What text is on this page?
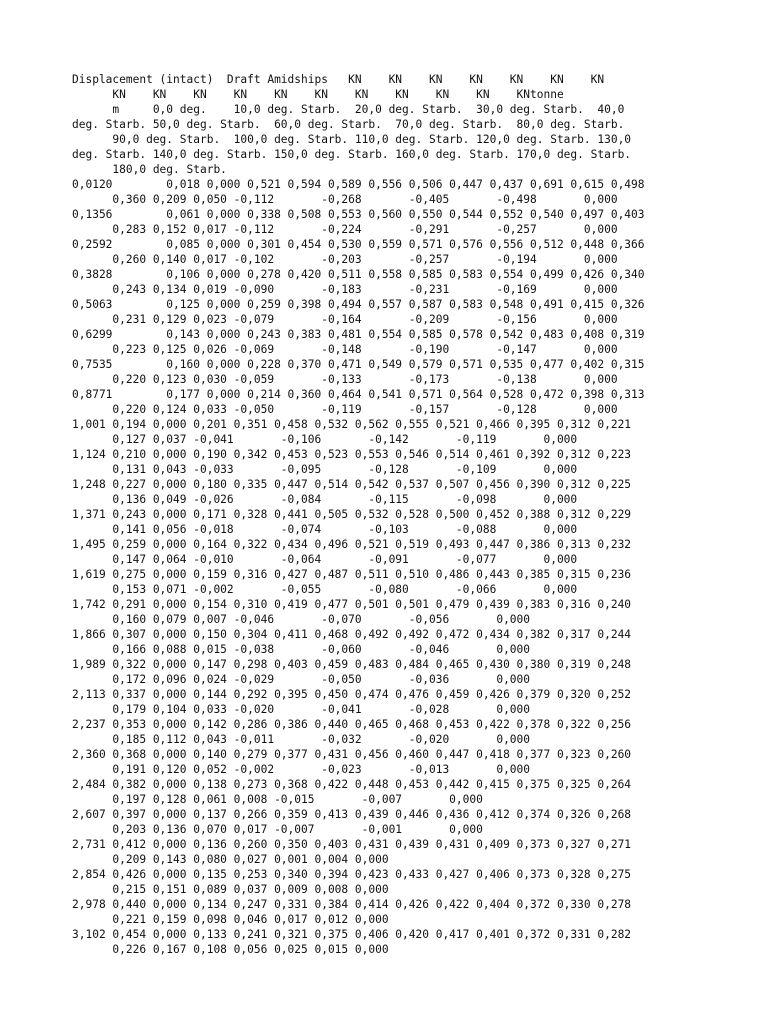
Displacement (intact)  Draft Amidships   KN    KN    KN    KN    KN    KN    KN
KN    KN    KN    KN    KN    KN    KN    KN    KN    KN    KNtonne
m     0,0 deg.    10,0 deg. Starb.  20,0 deg. Starb.  30,0 deg. Starb.  40,0
deg. Starb. 50,0 deg. Starb.  60,0 deg. Starb.  70,0 deg. Starb.  80,0 deg. Starb.
90,0 deg. Starb.  100,0 deg. Starb. 110,0 deg. Starb. 120,0 deg. Starb. 130,0
deg. Starb. 140,0 deg. Starb. 150,0 deg. Starb. 160,0 deg. Starb. 170,0 deg. Starb.
180,0 deg. Starb.
0,0120        0,018 0,000 0,521 0,594 0,589 0,556 0,506 0,447 0,437 0,691 0,615 0,498
0,360 0,209 0,050 -0,112       -0,268       -0,405       -0,498       0,000
0,1356        0,061 0,000 0,338 0,508 0,553 0,560 0,550 0,544 0,552 0,540 0,497 0,403
0,283 0,152 0,017 -0,112       -0,224       -0,291       -0,257       0,000
0,2592        0,085 0,000 0,301 0,454 0,530 0,559 0,571 0,576 0,556 0,512 0,448 0,366
0,260 0,140 0,017 -0,102       -0,203       -0,257       -0,194       0,000
0,3828        0,106 0,000 0,278 0,420 0,511 0,558 0,585 0,583 0,554 0,499 0,426 0,340
0,243 0,134 0,019 -0,090       -0,183       -0,231       -0,169       0,000
0,5063        0,125 0,000 0,259 0,398 0,494 0,557 0,587 0,583 0,548 0,491 0,415 0,326
0,231 0,129 0,023 -0,079       -0,164       -0,209       -0,156       0,000
0,6299        0,143 0,000 0,243 0,383 0,481 0,554 0,585 0,578 0,542 0,483 0,408 0,319
0,223 0,125 0,026 -0,069       -0,148       -0,190       -0,147       0,000
0,7535        0,160 0,000 0,228 0,370 0,471 0,549 0,579 0,571 0,535 0,477 0,402 0,315
0,220 0,123 0,030 -0,059       -0,133       -0,173       -0,138       0,000
0,8771        0,177 0,000 0,214 0,360 0,464 0,541 0,571 0,564 0,528 0,472 0,398 0,313
0,220 0,124 0,033 -0,050       -0,119       -0,157       -0,128       0,000
1,001 0,194 0,000 0,201 0,351 0,458 0,532 0,562 0,555 0,521 0,466 0,395 0,312 0,221
0,127 0,037 -0,041       -0,106       -0,142       -0,119       0,000
1,124 0,210 0,000 0,190 0,342 0,453 0,523 0,553 0,546 0,514 0,461 0,392 0,312 0,223
0,131 0,043 -0,033       -0,095       -0,128       -0,109       0,000
1,248 0,227 0,000 0,180 0,335 0,447 0,514 0,542 0,537 0,507 0,456 0,390 0,312 0,225
0,136 0,049 -0,026       -0,084       -0,115       -0,098       0,000
1,371 0,243 0,000 0,171 0,328 0,441 0,505 0,532 0,528 0,500 0,452 0,388 0,312 0,229
0,141 0,056 -0,018       -0,074       -0,103       -0,088       0,000
1,495 0,259 0,000 0,164 0,322 0,434 0,496 0,521 0,519 0,493 0,447 0,386 0,313 0,232
0,147 0,064 -0,010       -0,064       -0,091       -0,077       0,000
1,619 0,275 0,000 0,159 0,316 0,427 0,487 0,511 0,510 0,486 0,443 0,385 0,315 0,236
0,153 0,071 -0,002       -0,055       -0,080       -0,066       0,000
1,742 0,291 0,000 0,154 0,310 0,419 0,477 0,501 0,501 0,479 0,439 0,383 0,316 0,240
0,160 0,079 0,007 -0,046       -0,070       -0,056       0,000
1,866 0,307 0,000 0,150 0,304 0,411 0,468 0,492 0,492 0,472 0,434 0,382 0,317 0,244
0,166 0,088 0,015 -0,038       -0,060       -0,046       0,000
1,989 0,322 0,000 0,147 0,298 0,403 0,459 0,483 0,484 0,465 0,430 0,380 0,319 0,248
0,172 0,096 0,024 -0,029       -0,050       -0,036       0,000
2,113 0,337 0,000 0,144 0,292 0,395 0,450 0,474 0,476 0,459 0,426 0,379 0,320 0,252
0,179 0,104 0,033 -0,020       -0,041       -0,028       0,000
2,237 0,353 0,000 0,142 0,286 0,386 0,440 0,465 0,468 0,453 0,422 0,378 0,322 0,256
0,185 0,112 0,043 -0,011       -0,032       -0,020       0,000
2,360 0,368 0,000 0,140 0,279 0,377 0,431 0,456 0,460 0,447 0,418 0,377 0,323 0,260
0,191 0,120 0,052 -0,002       -0,023       -0,013       0,000
2,484 0,382 0,000 0,138 0,273 0,368 0,422 0,448 0,453 0,442 0,415 0,375 0,325 0,264
0,197 0,128 0,061 0,008 -0,015       -0,007       0,000
2,607 0,397 0,000 0,137 0,266 0,359 0,413 0,439 0,446 0,436 0,412 0,374 0,326 0,268
0,203 0,136 0,070 0,017 -0,007       -0,001       0,000
2,731 0,412 0,000 0,136 0,260 0,350 0,403 0,431 0,439 0,431 0,409 0,373 0,327 0,271
0,209 0,143 0,080 0,027 0,001 0,004 0,000
2,854 0,426 0,000 0,135 0,253 0,340 0,394 0,423 0,433 0,427 0,406 0,373 0,328 0,275
0,215 0,151 0,089 0,037 0,009 0,008 0,000
2,978 0,440 0,000 0,134 0,247 0,331 0,384 0,414 0,426 0,422 0,404 0,372 0,330 0,278
0,221 0,159 0,098 0,046 0,017 0,012 0,000
3,102 0,454 0,000 0,133 0,241 0,321 0,375 0,406 0,420 0,417 0,401 0,372 0,331 0,282
0,226 0,167 0,108 0,056 0,025 0,015 0,000
